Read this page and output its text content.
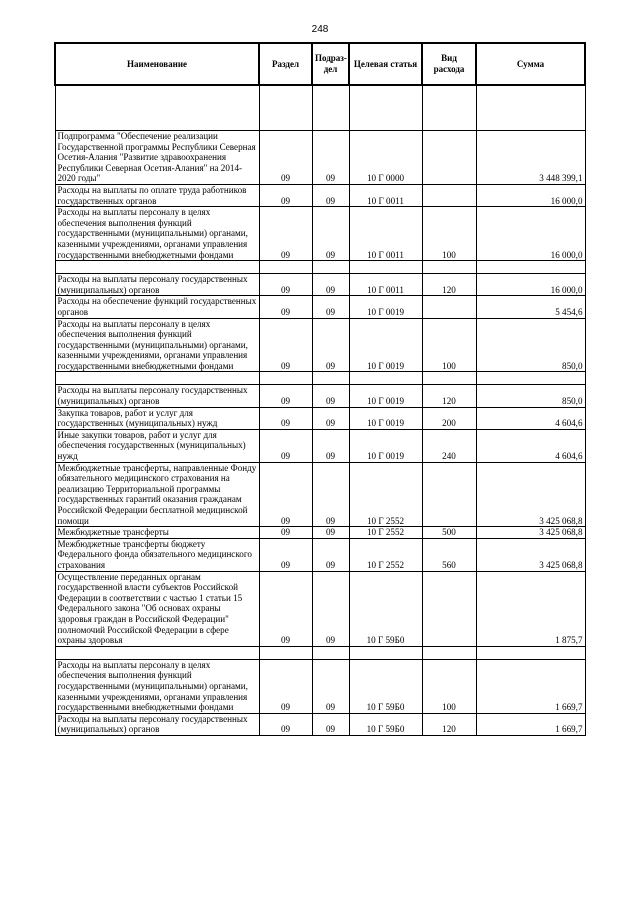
248
Наименование	Раздел	Подраз-дел	Целевая статья	Вид расхода	Сумма

Подпрограмма "Обеспечение реализации Государственной программы Республики Северная Осетия-Алания "Развитие здравоохранения Республики Северная Осетия-Алания" на 2014-2020 годы"	09	09	10 Г 0000		3 448 399,1
Расходы на выплаты по оплате труда работников государственных органов	09	09	10 Г 0011		16 000,0
Расходы на выплаты персоналу в целях обеспечения выполнения функций государственными (муниципальными) органами, казенными учреждениями, органами управления государственными внебюджетными фондами	09	09	10 Г 0011	100	16 000,0

Расходы на выплаты персоналу государственных (муниципальных) органов	09	09	10 Г 0011	120	16 000,0
Расходы на обеспечение функций государственных органов	09	09	10 Г 0019		5 454,6
Расходы на выплаты персоналу в целях обеспечения выполнения функций государственными (муниципальными) органами, казенными учреждениями, органами управления государственными внебюджетными фондами	09	09	10 Г 0019	100	850,0

Расходы на выплаты персоналу государственных (муниципальных) органов	09	09	10 Г 0019	120	850,0
Закупка товаров, работ и услуг для государственных (муниципальных) нужд	09	09	10 Г 0019	200	4 604,6
Иные закупки товаров, работ и услуг для обеспечения государственных (муниципальных) нужд	09	09	10 Г 0019	240	4 604,6
Межбюджетные трансферты, направленные Фонду обязательного медицинского страхования на реализацию Территориальной программы государственных гарантий оказания гражданам Российской Федерации бесплатной медицинской помощи	09	09	10 Г 2552		3 425 068,8
Межбюджетные трансферты	09	09	10 Г 2552	500	3 425 068,8
Межбюджетные трансферты бюджету Федерального фонда обязательного медицинского страхования	09	09	10 Г 2552	560	3 425 068,8
Осуществление переданных органам государственной власти субъектов Российской Федерации в соответствии с частью 1 статьи 15 Федерального закона "Об основах охраны здоровья граждан в Российской Федерации" полномочий Российской Федерации в сфере охраны здоровья	09	09	10 Г 59Б0		1 875,7

Расходы на выплаты персоналу в целях обеспечения выполнения функций государственными (муниципальными) органами, казенными учреждениями, органами управления государственными внебюджетными фондами	09	09	10 Г 59Б0	100	1 669,7
Расходы на выплаты персоналу государственных (муниципальных) органов	09	09	10 Г 59Б0	120	1 669,7
